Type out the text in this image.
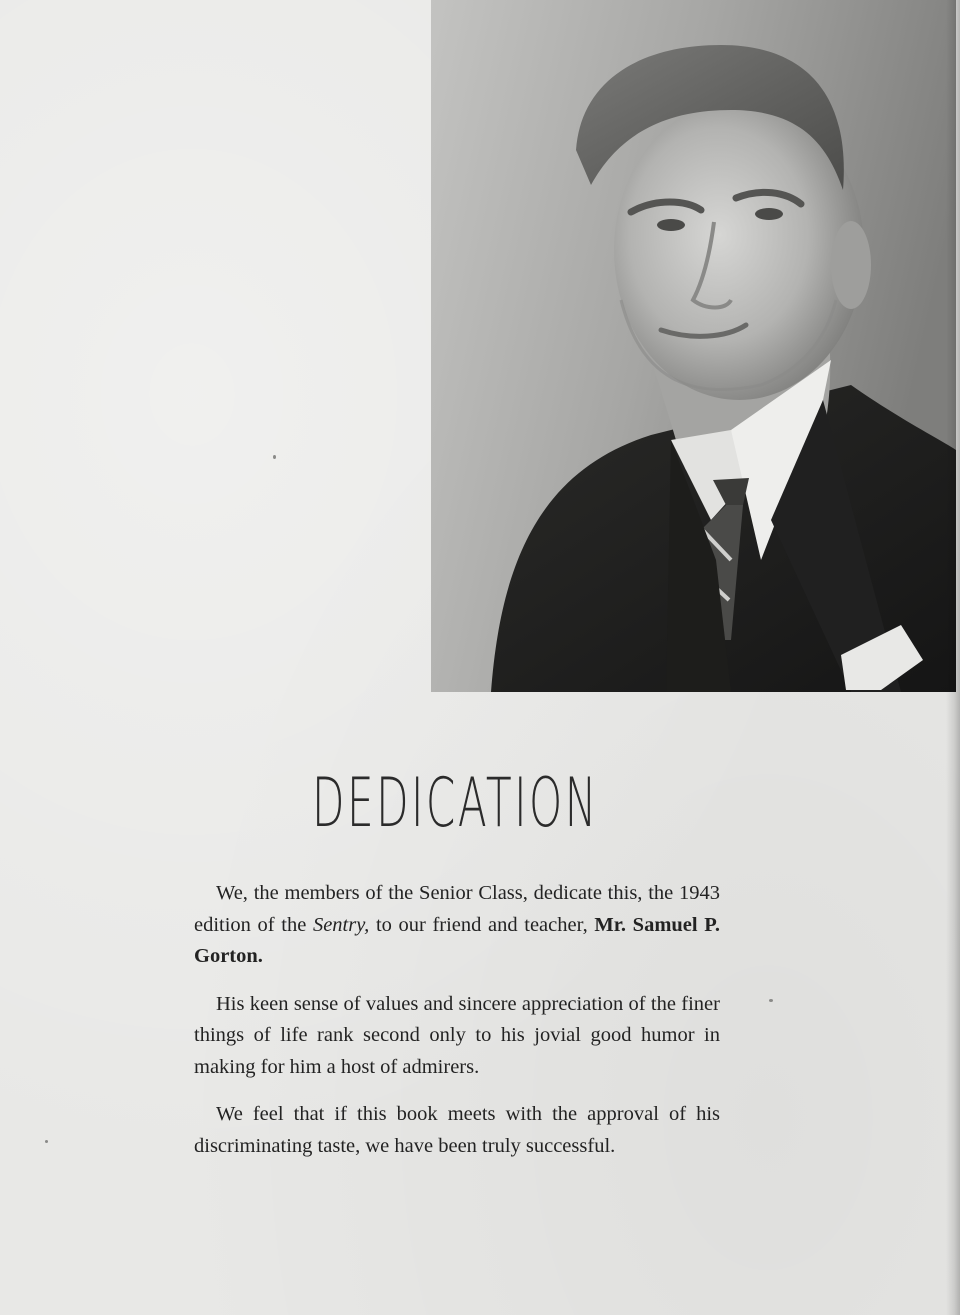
DEDICATION

We, the members of the Senior Class, dedicate this, the 1943 edition of the Sentry, to our friend and teacher, Mr. Samuel P. Gorton.

His keen sense of values and sincere appreciation of the finer things of life rank second only to his jovial good humor in making for him a host of admirers.

We feel that if this book meets with the approval of his discriminating taste, we have been truly successful.
